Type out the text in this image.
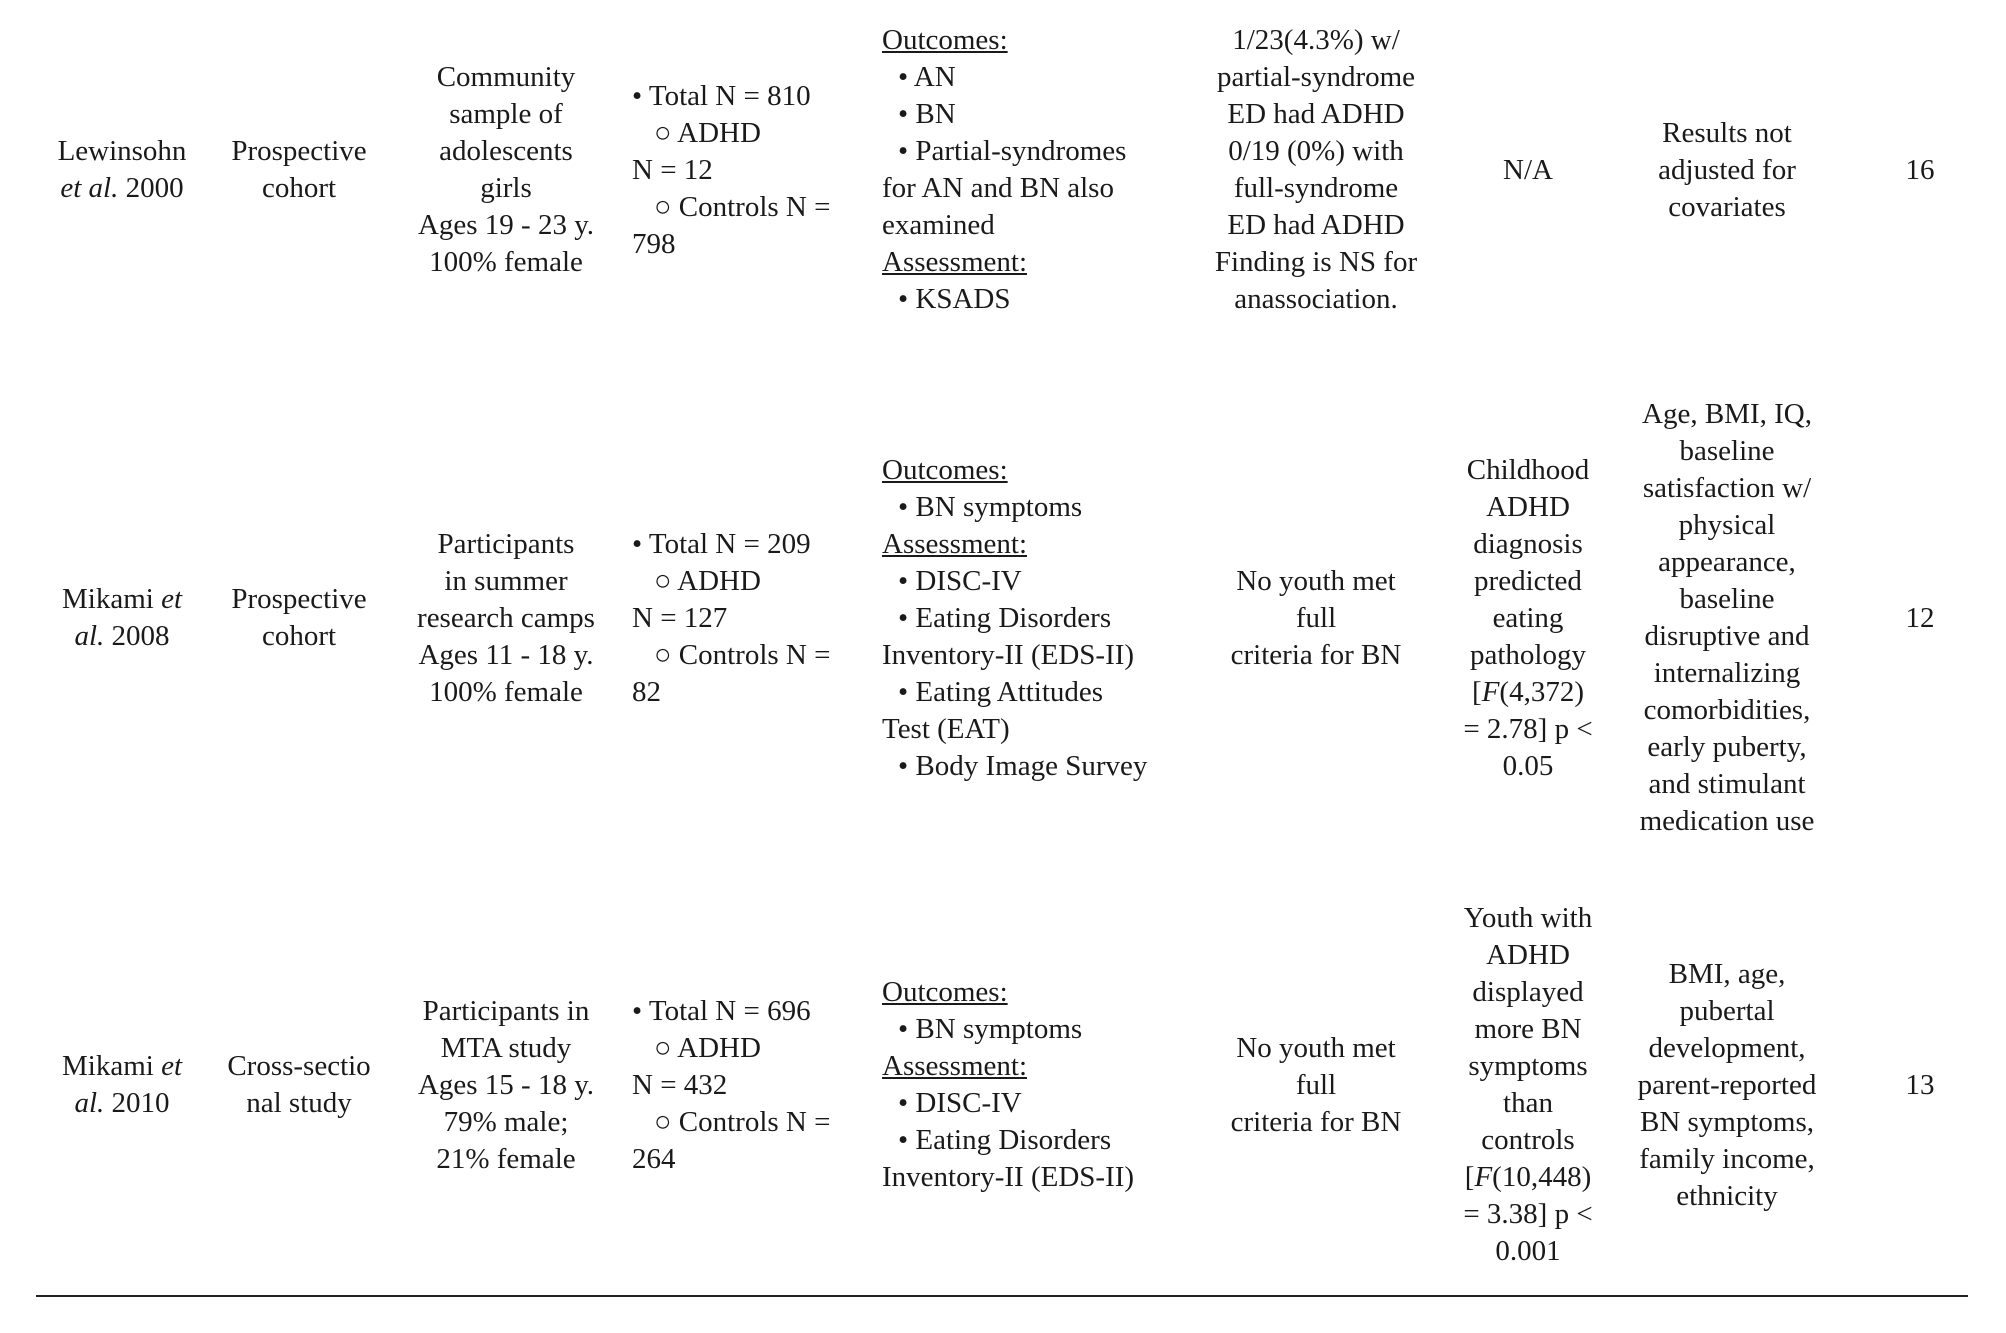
Lewinsohn
et al. 2000
Prospective
cohort
Community
sample of
adolescents
girls
Ages 19 - 23 y.
100% female
• Total N = 810
○ ADHD
N = 12
○ Controls N =
798
Outcomes:
• AN
• BN
• Partial-syndromes
for AN and BN also
examined
Assessment:
• KSADS
1/23(4.3%) w/
partial-syndrome
ED had ADHD
0/19 (0%) with
full-syndrome
ED had ADHD
Finding is NS for
anassociation.
N/A
Results not
adjusted for
covariates
16
Mikami et
al. 2008
Prospective
cohort
Participants
in summer
research camps
Ages 11 - 18 y.
100% female
• Total N = 209
○ ADHD
N = 127
○ Controls N =
82
Outcomes:
• BN symptoms
Assessment:
• DISC-IV
• Eating Disorders
Inventory-II (EDS-II)
• Eating Attitudes
Test (EAT)
• Body Image Survey
No youth met
full
criteria for BN
Childhood
ADHD
diagnosis
predicted
eating
pathology
[F(4,372)
= 2.78] p <
0.05
Age, BMI, IQ,
baseline
satisfaction w/
physical
appearance,
baseline
disruptive and
internalizing
comorbidities,
early puberty,
and stimulant
medication use
12
Mikami et
al. 2010
Cross-sectio
nal study
Participants in
MTA study
Ages 15 - 18 y.
79% male;
21% female
• Total N = 696
○ ADHD
N = 432
○ Controls N =
264
Outcomes:
• BN symptoms
Assessment:
• DISC-IV
• Eating Disorders
Inventory-II (EDS-II)
No youth met
full
criteria for BN
Youth with
ADHD
displayed
more BN
symptoms
than
controls
[F(10,448)
= 3.38] p <
0.001
BMI, age,
pubertal
development,
parent-reported
BN symptoms,
family income,
ethnicity
13
